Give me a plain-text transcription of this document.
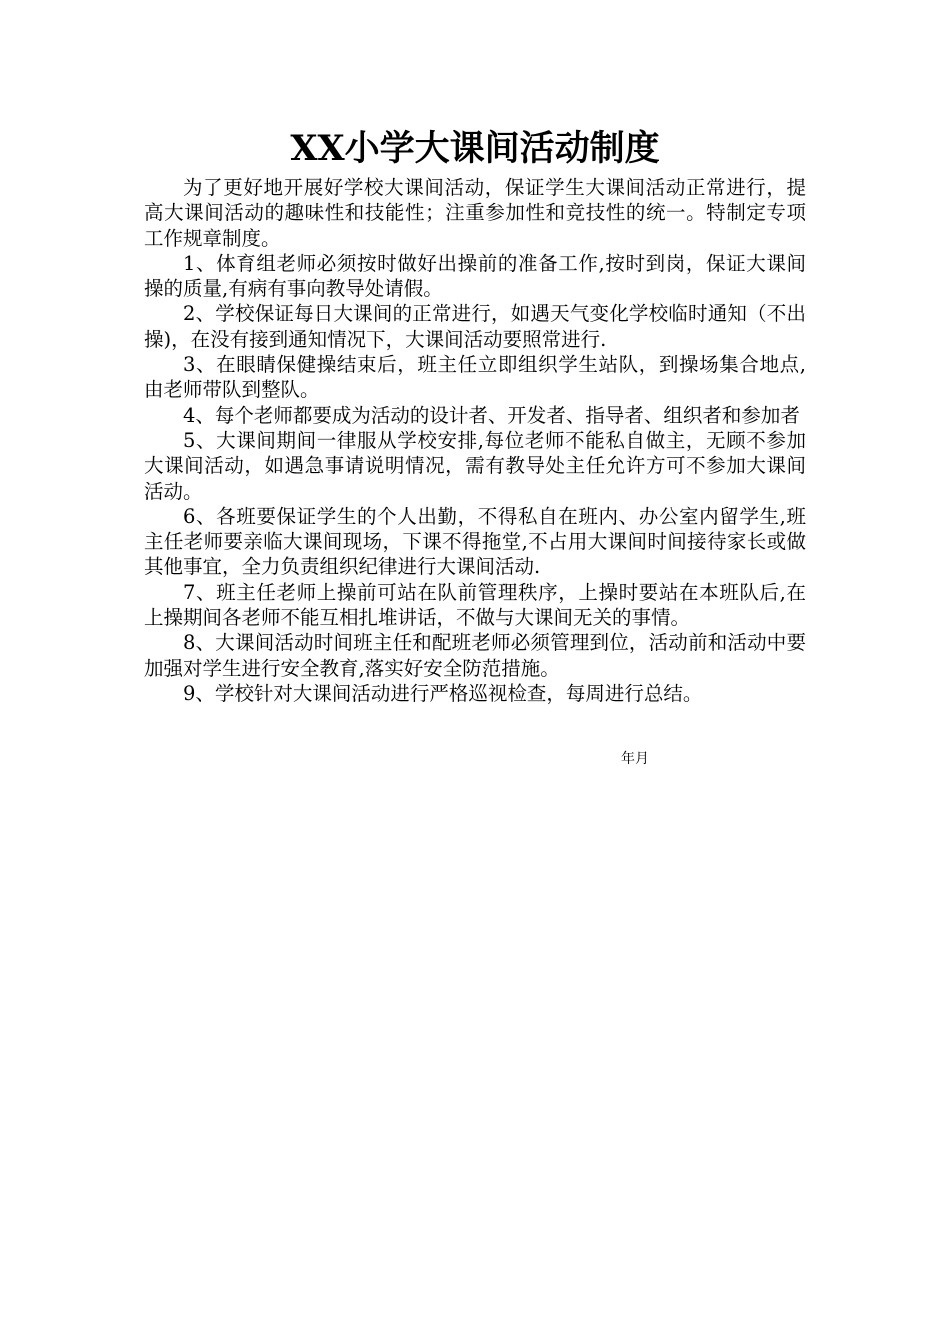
XX小学大课间活动制度

为了更好地开展好学校大课间活动，保证学生大课间活动正常进行，提高大课间活动的趣味性和技能性；注重参加性和竞技性的统一。特制定专项工作规章制度。

1、体育组老师必须按时做好出操前的准备工作,按时到岗，保证大课间操的质量,有病有事向教导处请假。

2、学校保证每日大课间的正常进行，如遇天气变化学校临时通知（不出操)，在没有接到通知情况下，大课间活动要照常进行.

3、在眼睛保健操结束后，班主任立即组织学生站队，到操场集合地点,由老师带队到整队。

4、每个老师都要成为活动的设计者、开发者、指导者、组织者和参加者

5、大课间期间一律服从学校安排,每位老师不能私自做主，无顾不参加大课间活动，如遇急事请说明情况，需有教导处主任允许方可不参加大课间活动。

6、各班要保证学生的个人出勤，不得私自在班内、办公室内留学生,班主任老师要亲临大课间现场，下课不得拖堂,不占用大课间时间接待家长或做其他事宜，全力负责组织纪律进行大课间活动.

7、班主任老师上操前可站在队前管理秩序，上操时要站在本班队后,在上操期间各老师不能互相扎堆讲话，不做与大课间无关的事情。

8、大课间活动时间班主任和配班老师必须管理到位，活动前和活动中要加强对学生进行安全教育,落实好安全防范措施。

9、学校针对大课间活动进行严格巡视检查，每周进行总结。

年月
